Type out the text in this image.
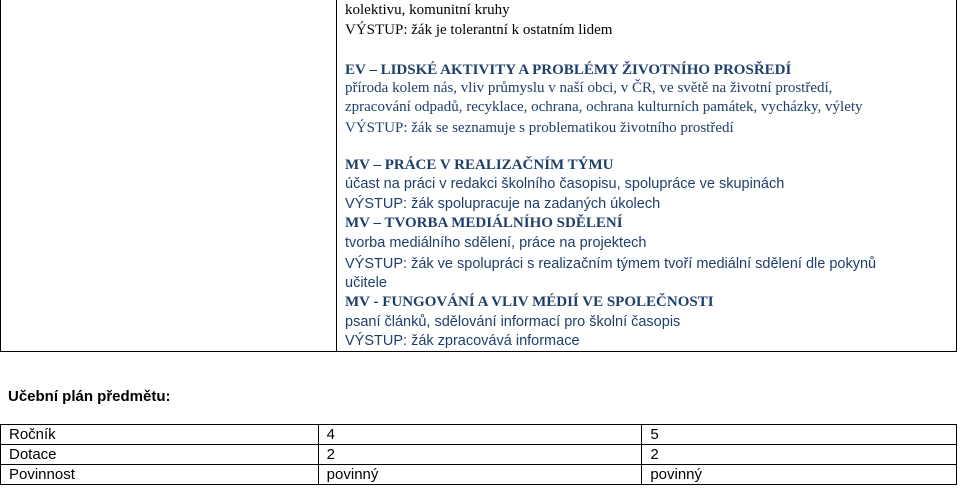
kolektivu, komunitní kruhy
VÝSTUP: žák je tolerantní k ostatním lidem
EV – LIDSKÉ AKTIVITY A PROBLÉMY ŽIVOTNÍHO PROSŘEDÍ
příroda kolem nás, vliv průmyslu v naší obci, v ČR, ve světě na životní prostředí,
zpracování odpadů, recyklace, ochrana, ochrana kulturních památek, vycházky, výlety
VÝSTUP: žák se seznamuje s problematikou životního prostředí
MV – PRÁCE V REALIZAČNÍM TÝMU
účast na práci v redakci školního časopisu, spolupráce ve skupinách
VÝSTUP: žák spolupracuje na zadaných úkolech
MV – TVORBA MEDIÁLNÍHO SDĚLENÍ
tvorba mediálního sdělení, práce na projektech
VÝSTUP: žák ve spolupráci s realizačním týmem tvoří mediální sdělení dle pokynů
učitele
MV - FUNGOVÁNÍ A VLIV MÉDIÍ VE SPOLEČNOSTI
psaní článků, sdělování informací pro školní časopis
VÝSTUP: žák zpracovává informace
Učební plán předmětu:
Ročník	4	5
Dotace	2	2
Povinnost	povinný	povinný
